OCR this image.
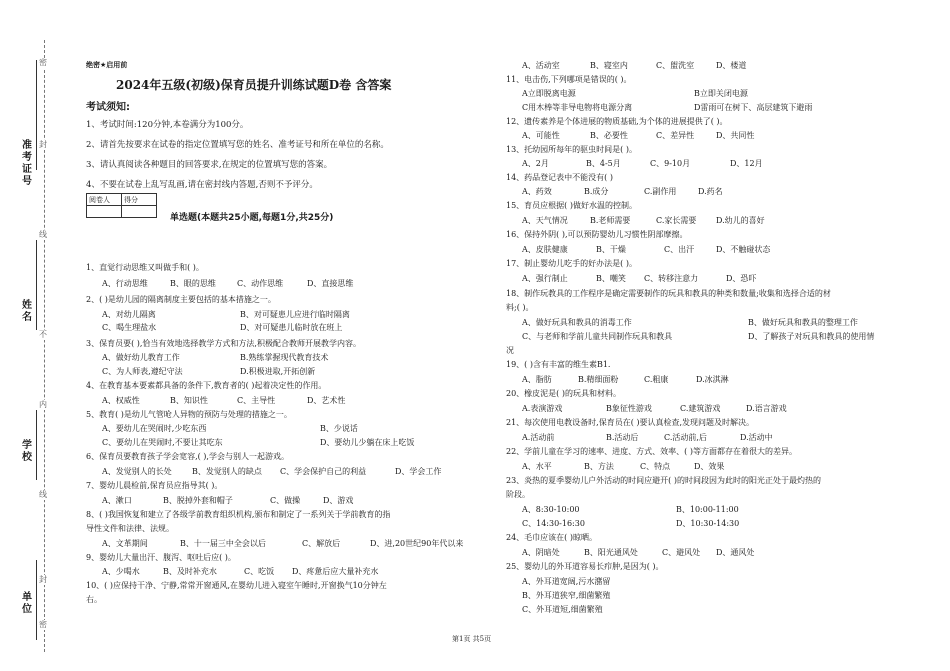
密
封
线
不
内
线
封
密
准考证号
姓名
学校
单位
绝密★启用前
2024年五级(初级)保育员提升训练试题D卷 含答案
考试须知:
1、考试时间:120分钟,本卷满分为100分。
2、请首先按要求在试卷的指定位置填写您的姓名、准考证号和所在单位的名称。
3、请认真阅读各种题目的回答要求,在规定的位置填写您的答案。
4、不要在试卷上乱写乱画,请在密封线内答题,否则不予评分。
阅卷人	得分

单选题(本题共25小题,每题1分,共25分)
1、直觉行动思维又叫做手和( )。
A、行动思维	B、眼的思维	C、动作思维	D、直接思维
2、( )是幼儿园的隔离制度主要包括的基本措施之一。
A、对幼儿隔离	B、对可疑患儿应进行临时隔离
C、喝生理盐水	D、对可疑患儿临时放在班上
3、保育员要( ),恰当有效地选择教学方式和方法,积极配合教师开展教学内容。
A、做好幼儿教育工作	B.熟练掌握现代教育技术
C、为人师表,遵纪守法	D.积极进取,开拓创新
4、在教育基本要素都具备的条件下,教育者的( )起着决定性的作用。
A、权威性	B、知识性	C、主导性	D、艺术性
5、教育( )是幼儿气管呛人异物的预防与处理的措施之一。
A、要幼儿在哭闹时,少吃东西	B、少说话
C、要幼儿在哭闹时,不要让其吃东	D、要幼儿少躺在床上吃饭
6、保育员要教育孩子学会宽容,( ),学会与别人一起游戏。
A、发觉别人的长处	B、发觉别人的缺点 C、学会保护自己的利益	D、学会工作
7、婴幼儿晨检前,保育员应指导其( )。
A、漱口	B、脱掉外套和帽子	C、做操	D、游戏
8、( )我国恢复和建立了各级学前教育组织机构,颁布和制定了一系列关于学前教育的指
导性文件和法律、法规。
A、文革期间	B、十一届三中全会以后	C、解放后	D、进,20世纪90年代以来
9、婴幼儿大量出汗、腹泻、呕吐后应( )。
A、少喝水	B、及时补充水	C、吃饭 D、疼惫后应大量补充水
10、( )应保持干净、宁静,常常开窗通风,在婴幼儿进入寝室午睡时,开窗换气10分钟左
右。
A、活动室	B、寝室内	C、盥洗室	D、楼道
11、电击伤,下列哪项是错误的( )。
A立即脱离电源	B立即关闭电源
C用木棒等非导电物将电源分离	D雷雨可在树下、高层建筑下避雨
12、遗传素养是个体进展的物质基础,为个体的进展提供了( )。
A、可能性	B、必要性	C、差异性	D、共同性
13、托幼园所每年的驱虫时间是( )。
A、2月	B、4-5月	C、9-10月	D、12月
14、药品登记表中不能没有( )
A、药效	B.成分	C.副作用	D.药名
15、育员应根据( )做好水温的控制。
A、天气情况	B.老师需要	C.家长需要 D.幼儿的喜好
16、保持外阴( ),可以预防婴幼儿习惯性阴部摩擦。
A、皮肤健康	B、干燥	C、出汗	D、不触碰状态
17、制止婴幼儿吃手的好办法是( )。
A、强行制止	B、嘲笑 C、转移注意力	D、恐吓
18、制作玩教具的工作程序是确定需要制作的玩具和教具的种类和数量;收集和选择合适的材
料;( )。
A、做好玩具和教具的消毒工作	B、做好玩具和教具的整理工作
C、与老师和学前儿童共同制作玩具和教具	D、了解孩子对玩具和教具的使用情
况
19、( )含有丰富的维生素B1.
A、脂肪	B.精细面粉	C.粗康	D.冰淇淋
20、橡皮泥是( )的玩具和材料。
A.表演游戏	B象征性游戏	C.建筑游戏	D.语言游戏
21、每次使用电教设备时,保育员在( )要认真检查,发现问题及时解决。
A.活动前	B.活动后	C.活动前,后	D.活动中
22、学前儿童在学习的速率、进度、方式、效率、( )等方面都存在着很大的差异。
A、水平	B、方法	C、特点	D、效果
23、炎热的夏季婴幼儿户外活动的时间应避开( )的时间段因为此时的阳光正处于最灼热的
阶段。
A、8:30-10:00	B、10:00-11:00
C、14:30-16:30	D、10:30-14:30
24、毛巾应该在( )晾晒。
A、阴暗处	B、阳光通风处	C、避风处 D、通风处
25、婴幼儿的外耳道容易长疖肿,是因为( )。
A、外耳道宽阔,污水潴留
B、外耳道狭窄,细菌繁殖
C、外耳道短,细菌繁殖
第1页 共5页
